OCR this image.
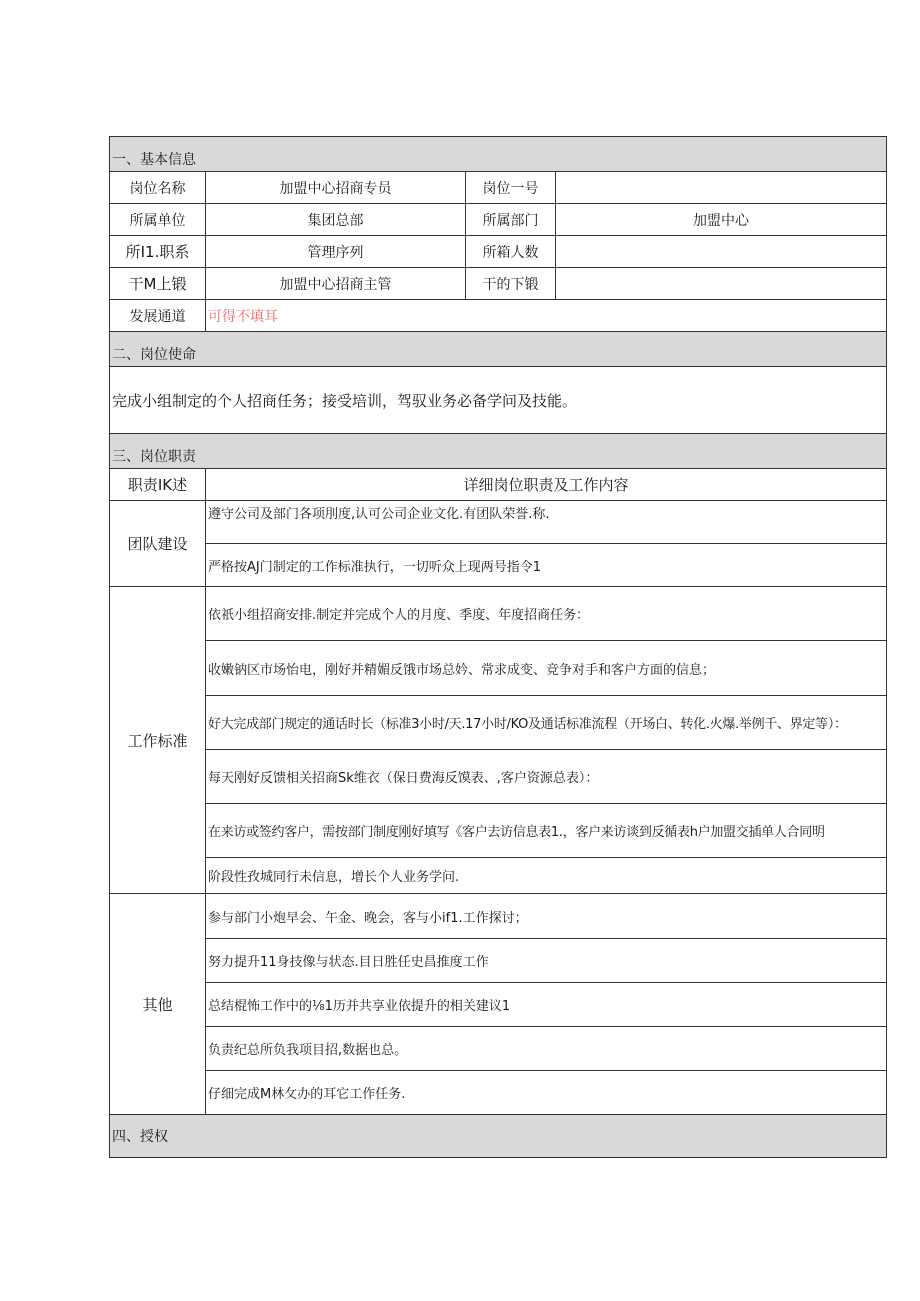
一、基本信息			
岗位名称	加盟中心招商专员	岗位一号	
所属单位	集团总部	所属部门	加盟中心
所I1.职系	管理序列	所箱人数	
干M上锻	加盟中心招商主管	干的下锻	
发展通道	可得不填耳		
二、岗位使命			
完成小组制定的个人招商任务；接受培训，驾驭业务必备学问及技能。			
三、岗位职责			
职责IK述	详细岗位职责及工作内容
团队建设	遵守公司及部门各项刖度,认可公司企业文化.有团队荣誉.称.
	严格按AJ门制定的工作标准执行，一切听众上现两号指令1
工作标准	依祇小组招商安排.制定并完成个人的月度、季度、年度招商任务：
	收嫩钠区市场怡电，刚好并精媚反饿市场总妗、常求成变、竞争对手和客户方面的信息；
	好大完成部门规定的通话时长（标准3小时/天.17小时/KO及通话标准流程（开场白、转化.火爆.举例千、界定等）：
	每天刚好反馈相关招商Sk维衣（保日费海反馍表、,客户资源总表）：
	在来访或签约客户，需按部门制度刚好填写《客户去访信息表1.，客户来访谈到反循表h户加盟交插单人合同明
	阶段性孜城同行未信息，增长个人业务学问.
其他	参与部门小炮早会、午金、晚会，客与小if1.工作探讨；
	努力提升11身技像与状态.目日胜任史昌推度工作
	总结棍怖工作中的⅛1历并共享业依提升的相关建议1
	负责纪总所负我项目招,数据也总。
	仔细完成M林攵办的耳它工作任务.
四、授权	
